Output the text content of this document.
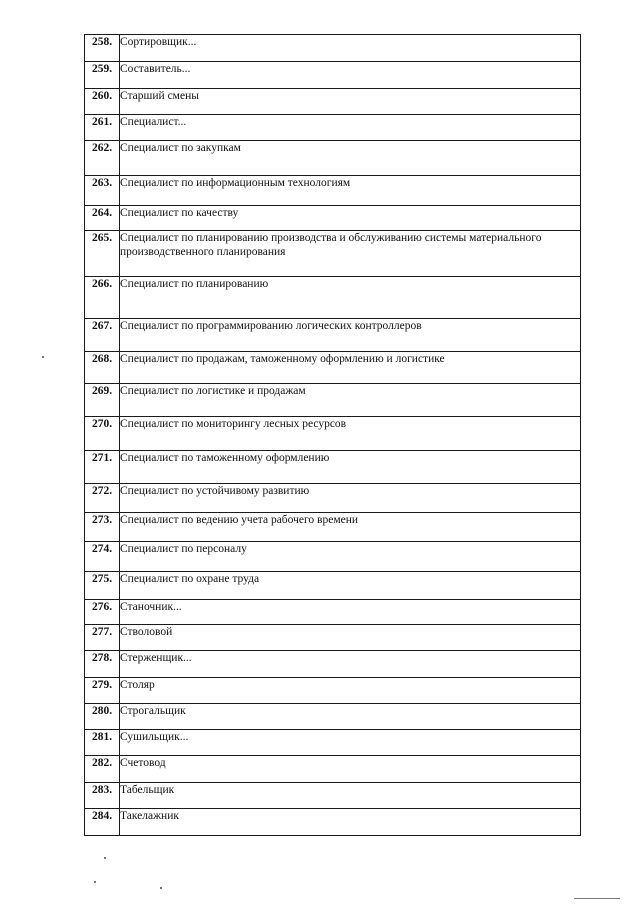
258.	Сортировщик...
259.	Составитель...
260.	Старший смены
261.	Специалист...
262.	Специалист по закупкам
263.	Специалист по информационным технологиям
264.	Специалист по качеству
265.	Специалист по планированию производства и обслуживанию системы материального производственного планирования
266.	Специалист по планированию
267.	Специалист по программированию логических контроллеров
268.	Специалист по продажам, таможенному оформлению и логистике
269.	Специалист по логистике и продажам
270.	Специалист по мониторингу лесных ресурсов
271.	Специалист по таможенному оформлению
272.	Специалист по устойчивому развитию
273.	Специалист по ведению учета рабочего времени
274.	Специалист по персоналу
275.	Специалист по охране труда
276.	Станочник...
277.	Стволовой
278.	Стерженщик...
279.	Столяр
280.	Строгальщик
281.	Сушильщик...
282.	Счетовод
283.	Табельщик
284.	Такелажник
